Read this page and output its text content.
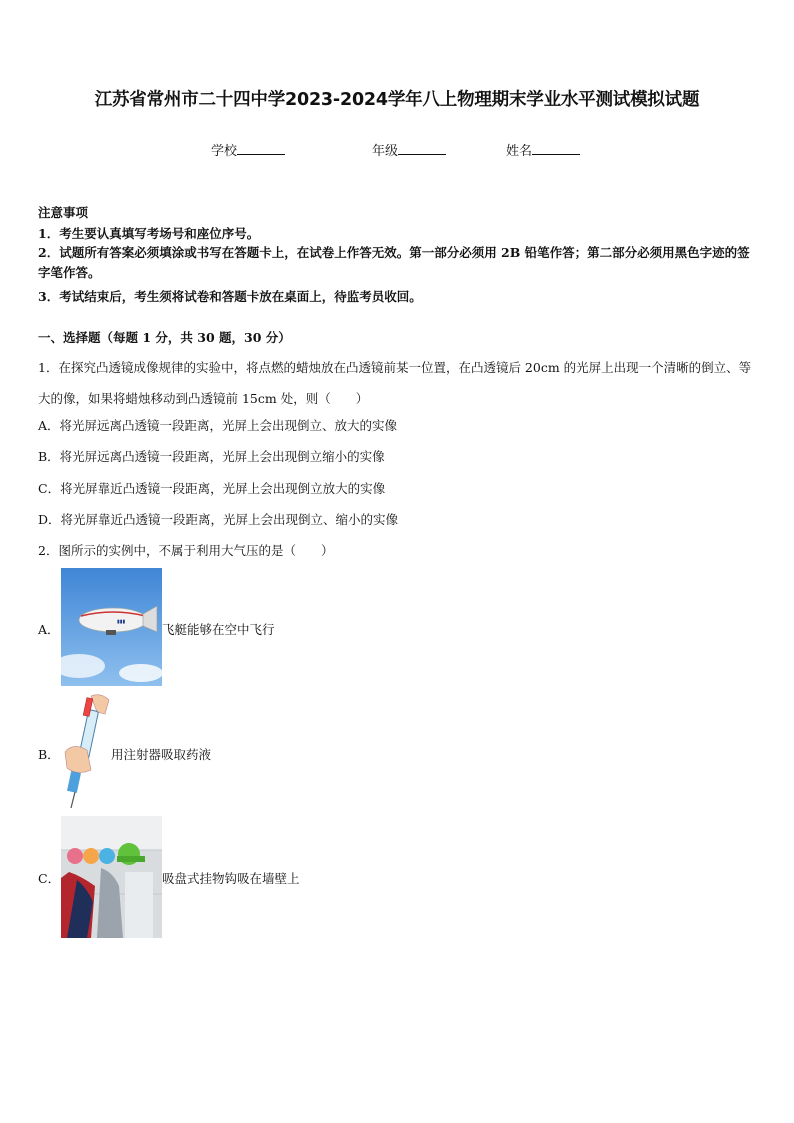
江苏省常州市二十四中学2023-2024学年八上物理期末学业水平测试模拟试题
学校	年级	姓名
注意事项
1．考生要认真填写考场号和座位序号。
2．试题所有答案必须填涂或书写在答题卡上，在试卷上作答无效。第一部分必须用 2B 铅笔作答；第二部分必须用黑色字迹的签字笔作答。
3．考试结束后，考生须将试卷和答题卡放在桌面上，待监考员收回。
一、选择题（每题 1 分，共 30 题，30 分）
1．在探究凸透镜成像规律的实验中，将点燃的蜡烛放在凸透镜前某一位置，在凸透镜后 20cm 的光屏上出现一个清晰的倒立、等大的像，如果将蜡烛移动到凸透镜前 15cm 处，则（　　）
A．将光屏远离凸透镜一段距离，光屏上会出现倒立、放大的实像
B．将光屏远离凸透镜一段距离，光屏上会出现倒立缩小的实像
C．将光屏靠近凸透镜一段距离，光屏上会出现倒立放大的实像
D．将光屏靠近凸透镜一段距离，光屏上会出现倒立、缩小的实像
2．图所示的实例中，不属于利用大气压的是（　　）
A．	▮▮▮	飞艇能够在空中飞行
B．	用注射器吸取药液
C．	吸盘式挂物钩吸在墙壁上
